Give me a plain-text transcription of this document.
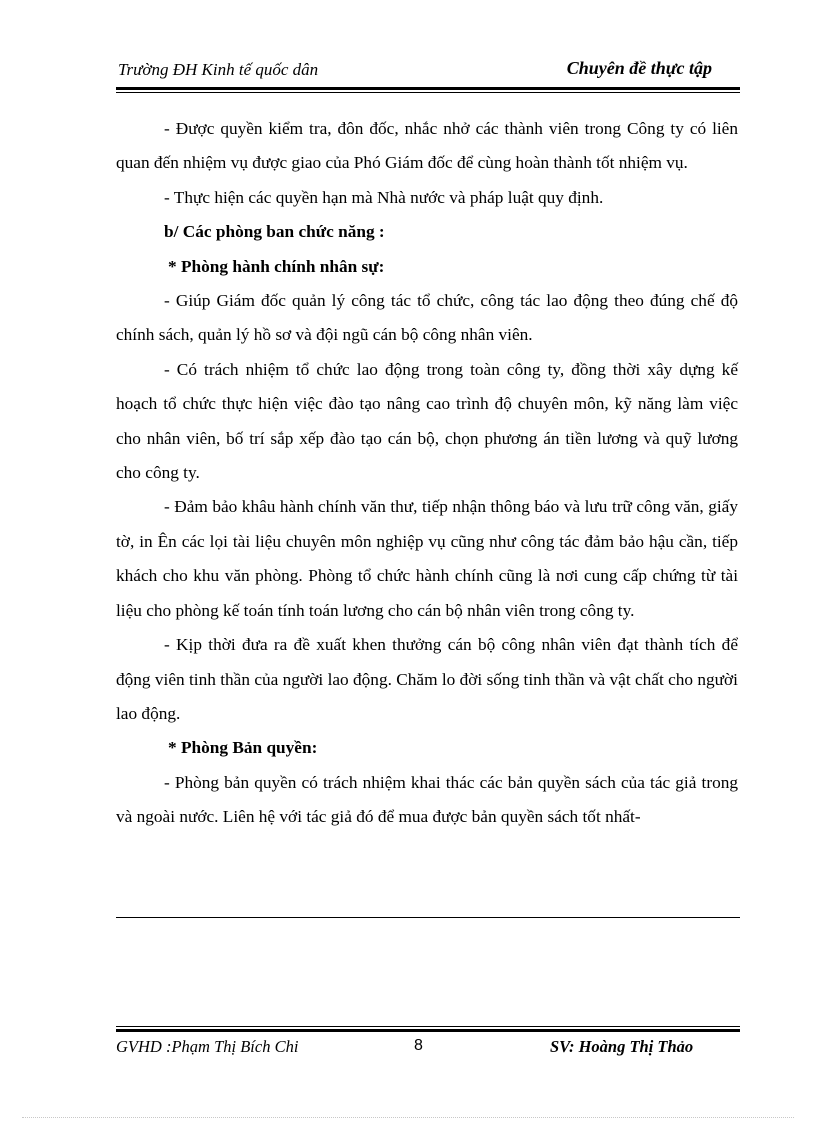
Trường ĐH Kinh tế quốc dân	Chuyên đề thực tập

- Được quyền kiểm tra, đôn đốc, nhắc nhở các thành viên trong Công ty có liên quan đến nhiệm vụ được giao của Phó Giám đốc để cùng hoàn thành tốt nhiệm vụ.

- Thực hiện các quyền hạn mà Nhà nước và pháp luật quy định.

b/ Các phòng ban chức năng :

* Phòng hành chính nhân sự:

- Giúp Giám đốc quản lý công tác tổ chức, công tác lao động theo đúng chế độ chính sách, quản lý hồ sơ và đội ngũ cán bộ công nhân viên.

- Có trách nhiệm tổ chức lao động trong toàn công ty, đồng thời xây dựng kế hoạch tổ chức thực hiện việc đào tạo nâng cao trình độ chuyên môn, kỹ năng làm việc cho nhân viên, bố trí sắp xếp đào tạo cán bộ, chọn phương án tiền lương và quỹ lương cho công ty.

- Đảm bảo khâu hành chính văn thư, tiếp nhận thông báo và lưu trữ công văn, giấy tờ, in Ên các lọi tài liệu chuyên môn nghiệp vụ cũng như công tác đảm bảo hậu cần, tiếp khách cho khu văn phòng. Phòng tổ chức hành chính cũng là nơi cung cấp chứng từ tài liệu cho phòng kế toán tính toán lương cho cán bộ nhân viên trong công ty.

- Kịp thời đưa ra đề xuất khen thưởng cán bộ công nhân viên đạt thành tích để động viên tinh thần của người lao động. Chăm lo đời sống tinh thần và vật chất cho người lao động.

* Phòng Bản quyền:

- Phòng bản quyền có trách nhiệm khai thác các bản quyền sách của tác giả trong và ngoài nước. Liên hệ với tác giả đó để mua được bản quyền sách tốt nhất-

GVHD :Phạm Thị Bích Chi	8	SV: Hoàng Thị Thảo
